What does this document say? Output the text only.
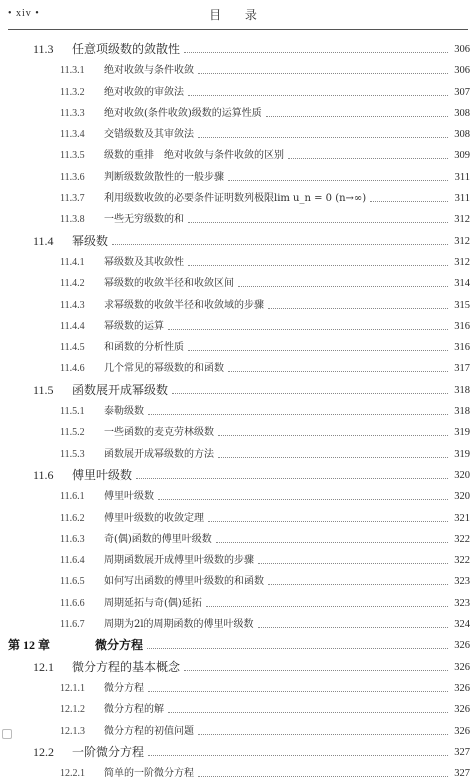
• xiv •	目 录
11.3 任意项级数的敛散性	306
11.3.1 绝对收敛与条件收敛	306
11.3.2 绝对收敛的审敛法	307
11.3.3 绝对收敛(条件收敛)级数的运算性质	308
11.3.4 交错级数及其审敛法	308
11.3.5 级数的重排　绝对收敛与条件收敛的区别	309
11.3.6 判断级数敛散性的一般步骤	311
11.3.7 利用级数收敛的必要条件证明数列极限lim u_n = 0 (n→∞)	311
11.3.8 一些无穷级数的和	312
11.4 幂级数	312
11.4.1 幂级数及其收敛性	312
11.4.2 幂级数的收敛半径和收敛区间	314
11.4.3 求幂级数的收敛半径和收敛域的步骤	315
11.4.4 幂级数的运算	316
11.4.5 和函数的分析性质	316
11.4.6 几个常见的幂级数的和函数	317
11.5 函数展开成幂级数	318
11.5.1 泰勒级数	318
11.5.2 一些函数的麦克劳林级数	319
11.5.3 函数展开成幂级数的方法	319
11.6 傅里叶级数	320
11.6.1 傅里叶级数	320
11.6.2 傅里叶级数的收敛定理	321
11.6.3 奇(偶)函数的傅里叶级数	322
11.6.4 周期函数展开成傅里叶级数的步骤	322
11.6.5 如何写出函数的傅里叶级数的和函数	323
11.6.6 周期延拓与奇(偶)延拓	323
11.6.7 周期为2l的周期函数的傅里叶级数	324
第 12 章	微分方程	326
12.1 微分方程的基本概念	326
12.1.1 微分方程	326
12.1.2 微分方程的解	326
12.1.3 微分方程的初值问题	326
12.2 一阶微分方程	327
12.2.1 简单的一阶微分方程	327
